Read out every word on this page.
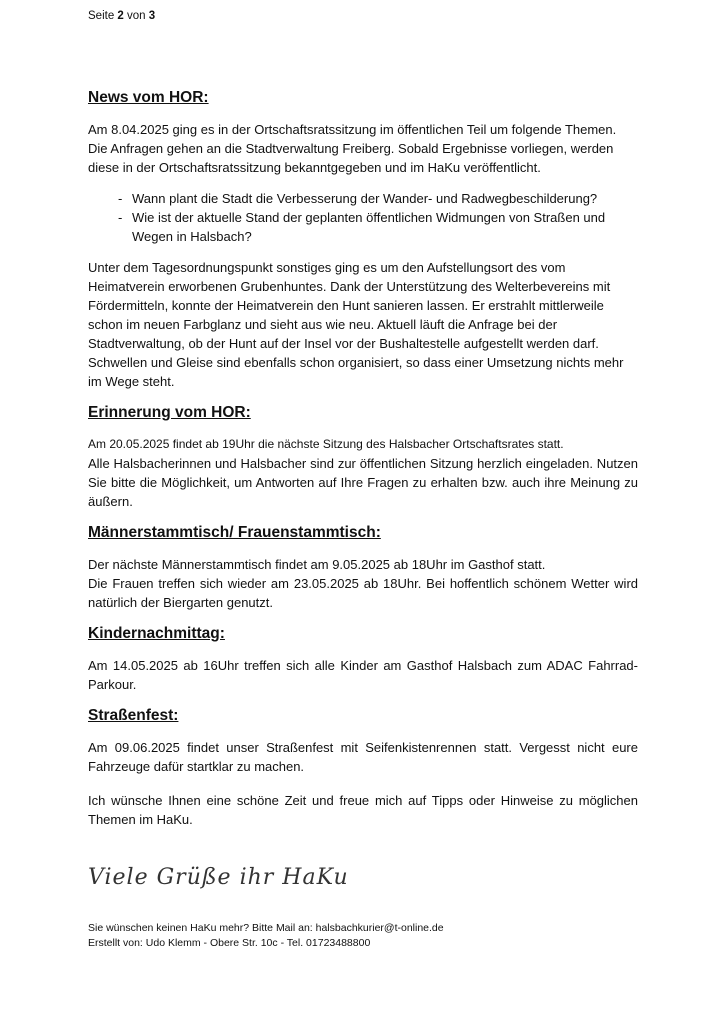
Seite 2 von 3
News vom HOR:

Am 8.04.2025 ging es in der Ortschaftsratssitzung im öffentlichen Teil um folgende Themen. Die Anfragen gehen an die Stadtverwaltung Freiberg. Sobald Ergebnisse vorliegen, werden diese in der Ortschaftsratssitzung bekanntgegeben und im HaKu veröffentlicht.

- Wann plant die Stadt die Verbesserung der Wander- und Radwegbeschilderung?
- Wie ist der aktuelle Stand der geplanten öffentlichen Widmungen von Straßen und Wegen in Halsbach?

Unter dem Tagesordnungspunkt sonstiges ging es um den Aufstellungsort des vom Heimatverein erworbenen Grubenhuntes. Dank der Unterstützung des Welterbevereins mit Fördermitteln, konnte der Heimatverein den Hunt sanieren lassen. Er erstrahlt mittlerweile schon im neuen Farbglanz und sieht aus wie neu. Aktuell läuft die Anfrage bei der Stadtverwaltung, ob der Hunt auf der Insel vor der Bushaltestelle aufgestellt werden darf. Schwellen und Gleise sind ebenfalls schon organisiert, so dass einer Umsetzung nichts mehr im Wege steht.

Erinnerung vom HOR:

Am 20.05.2025 findet ab 19Uhr die nächste Sitzung des Halsbacher Ortschaftsrates statt.

Alle Halsbacherinnen und Halsbacher sind zur öffentlichen Sitzung herzlich eingeladen. Nutzen Sie bitte die Möglichkeit, um Antworten auf Ihre Fragen zu erhalten bzw. auch ihre Meinung zu äußern.

Männerstammtisch/ Frauenstammtisch:

Der nächste Männerstammtisch findet am 9.05.2025 ab 18Uhr im Gasthof statt.

Die Frauen treffen sich wieder am 23.05.2025 ab 18Uhr. Bei hoffentlich schönem Wetter wird natürlich der Biergarten genutzt.

Kindernachmittag:

Am 14.05.2025 ab 16Uhr treffen sich alle Kinder am Gasthof Halsbach zum ADAC Fahrrad-Parkour.

Straßenfest:

Am 09.06.2025 findet unser Straßenfest mit Seifenkistenrennen statt. Vergesst nicht eure Fahrzeuge dafür startklar zu machen.

Ich wünsche Ihnen eine schöne Zeit und freue mich auf Tipps oder Hinweise zu möglichen Themen im HaKu.

Viele Grüße ihr HaKu
Sie wünschen keinen HaKu mehr? Bitte Mail an: halsbachkurier@t-online.de
Erstellt von: Udo Klemm - Obere Str. 10c - Tel. 01723488800
